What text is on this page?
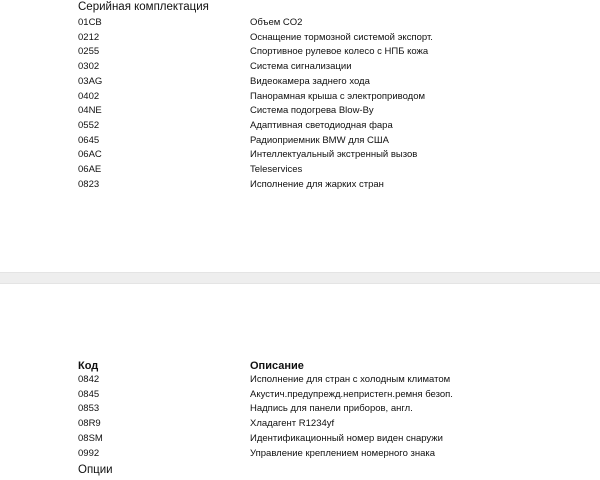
Серийная комплектация
01CB	Объем CO2
0212	Оснащение тормозной системой экспорт.
0255	Спортивное рулевое колесо с НПБ кожа
0302	Система сигнализации
03AG	Видеокамера заднего хода
0402	Панорамная крыша с электроприводом
04NE	Система подогрева Blow-By
0552	Адаптивная светодиодная фара
0645	Радиоприемник BMW для США
06AC	Интеллектуальный экстренный вызов
06AE	Teleservices
0823	Исполнение для жарких стран
Код	Описание
0842	Исполнение для стран с холодным климатом
0845	Акустич.предупрежд.непристегн.ремня безоп.
0853	Надпись для панели приборов, англ.
08R9	Хладагент R1234yf
08SM	Идентификационный номер виден снаружи
0992	Управление креплением номерного знака
Опции
